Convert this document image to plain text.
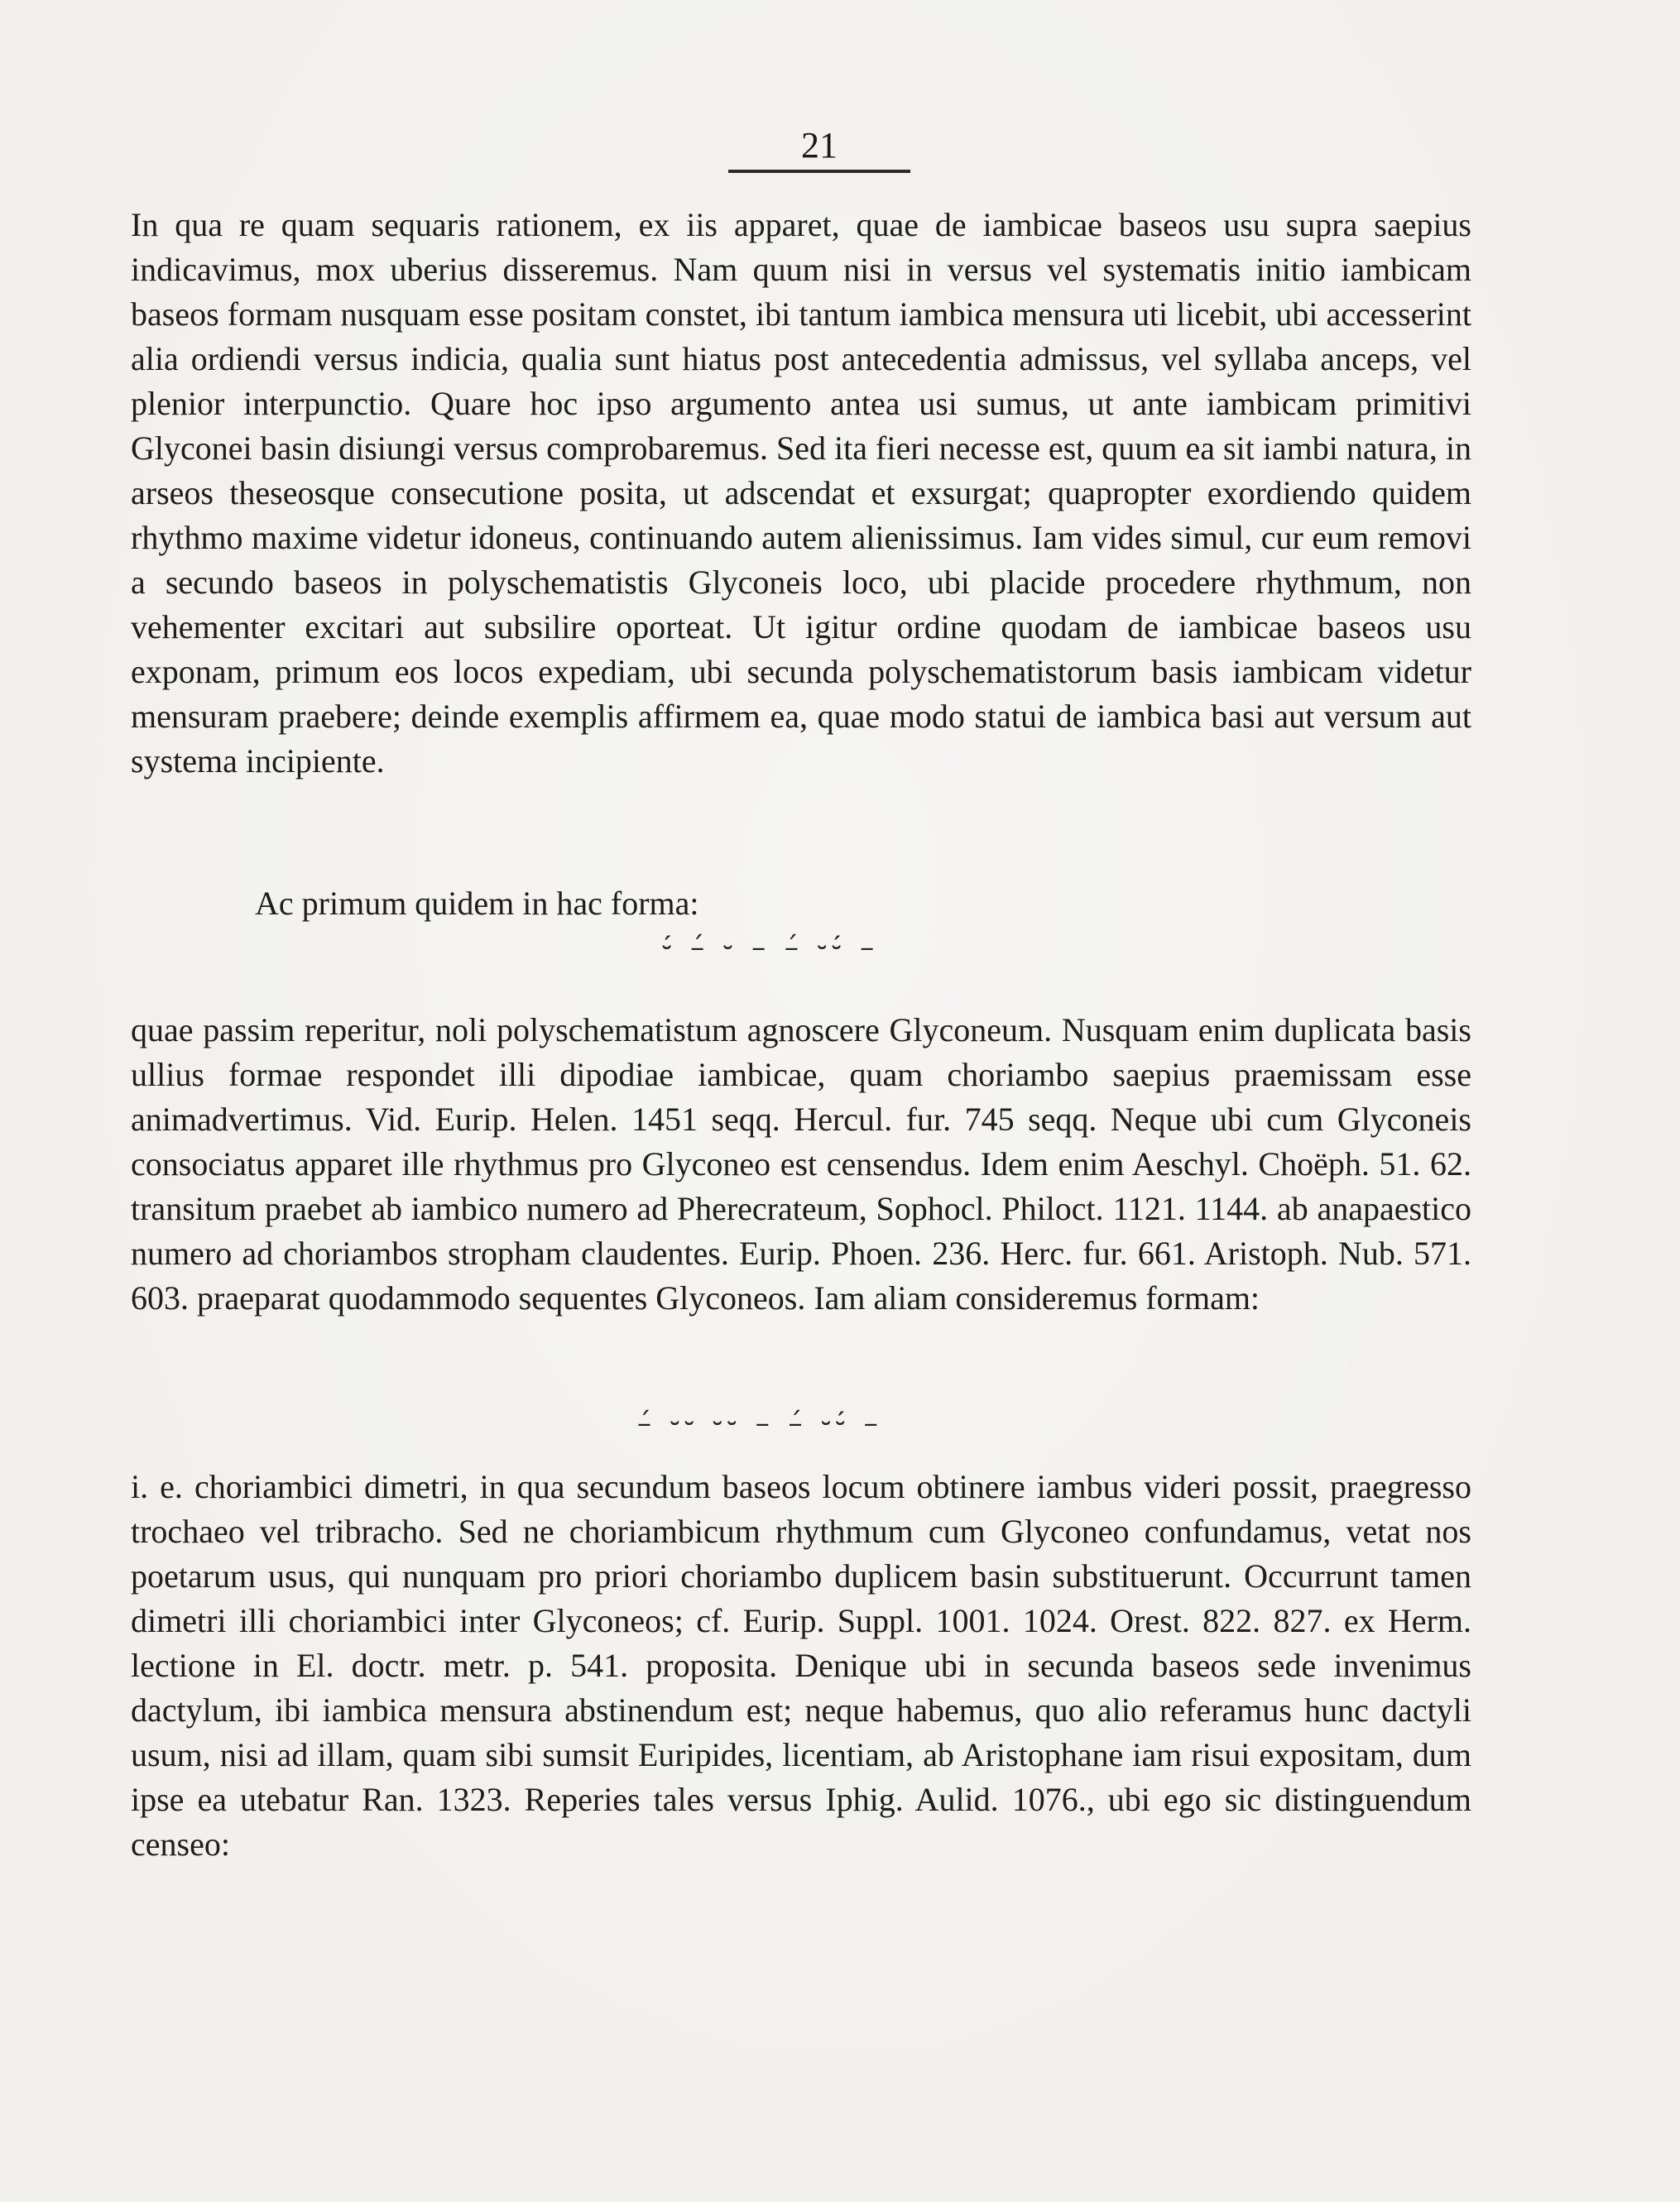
21
In qua re quam sequaris rationem, ex iis apparet, quae de iambicae baseos usu supra saepius indicavimus, mox uberius disseremus. Nam quum nisi in versus vel systematis initio iambicam baseos formam nusquam esse positam constet, ibi tantum iambica mensura uti licebit, ubi accesserint alia ordiendi versus indicia, qualia sunt hiatus post antecedentia admissus, vel syllaba anceps, vel plenior interpunctio. Quare hoc ipso argumento antea usi sumus, ut ante iambicam primitivi Glyconei basin disiungi versus comprobaremus. Sed ita fieri necesse est, quum ea sit iambi natura, in arseos theseosque consecutione posita, ut adscendat et exsurgat; quapropter exordiendo quidem rhythmo maxime videtur idoneus, continuando autem alienissimus. Iam vides simul, cur eum removi a secundo baseos in polyschematistis Glyconeis loco, ubi placide procedere rhythmum, non vehementer excitari aut subsilire oporteat. Ut igitur ordine quodam de iambicae baseos usu exponam, primum eos locos expediam, ubi secunda polyschematistorum basis iambicam videtur mensuram praebere; deinde exemplis affirmem ea, quae modo statui de iambica basi aut versum aut systema incipiente.
Ac primum quidem in hac forma:
⏑́ –́ ⏑ – –́ ⏑⏑́ –
quae passim reperitur, noli polyschematistum agnoscere Glyconeum. Nusquam enim duplicata basis ullius formae respondet illi dipodiae iambicae, quam choriambo saepius praemissam esse animadvertimus. Vid. Eurip. Helen. 1451 seqq. Hercul. fur. 745 seqq. Neque ubi cum Glyconeis consociatus apparet ille rhythmus pro Glyconeo est censendus. Idem enim Aeschyl. Choëph. 51. 62. transitum praebet ab iambico numero ad Pherecrateum, Sophocl. Philoct. 1121. 1144. ab anapaestico numero ad choriambos stropham claudentes. Eurip. Phoen. 236. Herc. fur. 661. Aristoph. Nub. 571. 603. praeparat quodammodo sequentes Glyconeos. Iam aliam consideremus formam:
–́ ⏑⏑ ⏑⏑ – –́ ⏑⏑́ –
i. e. choriambici dimetri, in qua secundum baseos locum obtinere iambus videri possit, praegresso trochaeo vel tribracho. Sed ne choriambicum rhythmum cum Glyconeo confundamus, vetat nos poetarum usus, qui nunquam pro priori choriambo duplicem basin substituerunt. Occurrunt tamen dimetri illi choriambici inter Glyconeos; cf. Eurip. Suppl. 1001. 1024. Orest. 822. 827. ex Herm. lectione in El. doctr. metr. p. 541. proposita. Denique ubi in secunda baseos sede invenimus dactylum, ibi iambica mensura abstinendum est; neque habemus, quo alio referamus hunc dactyli usum, nisi ad illam, quam sibi sumsit Euripides, licentiam, ab Aristophane iam risui expositam, dum ipse ea utebatur Ran. 1323. Reperies tales versus Iphig. Aulid. 1076., ubi ego sic distinguendum censeo:
